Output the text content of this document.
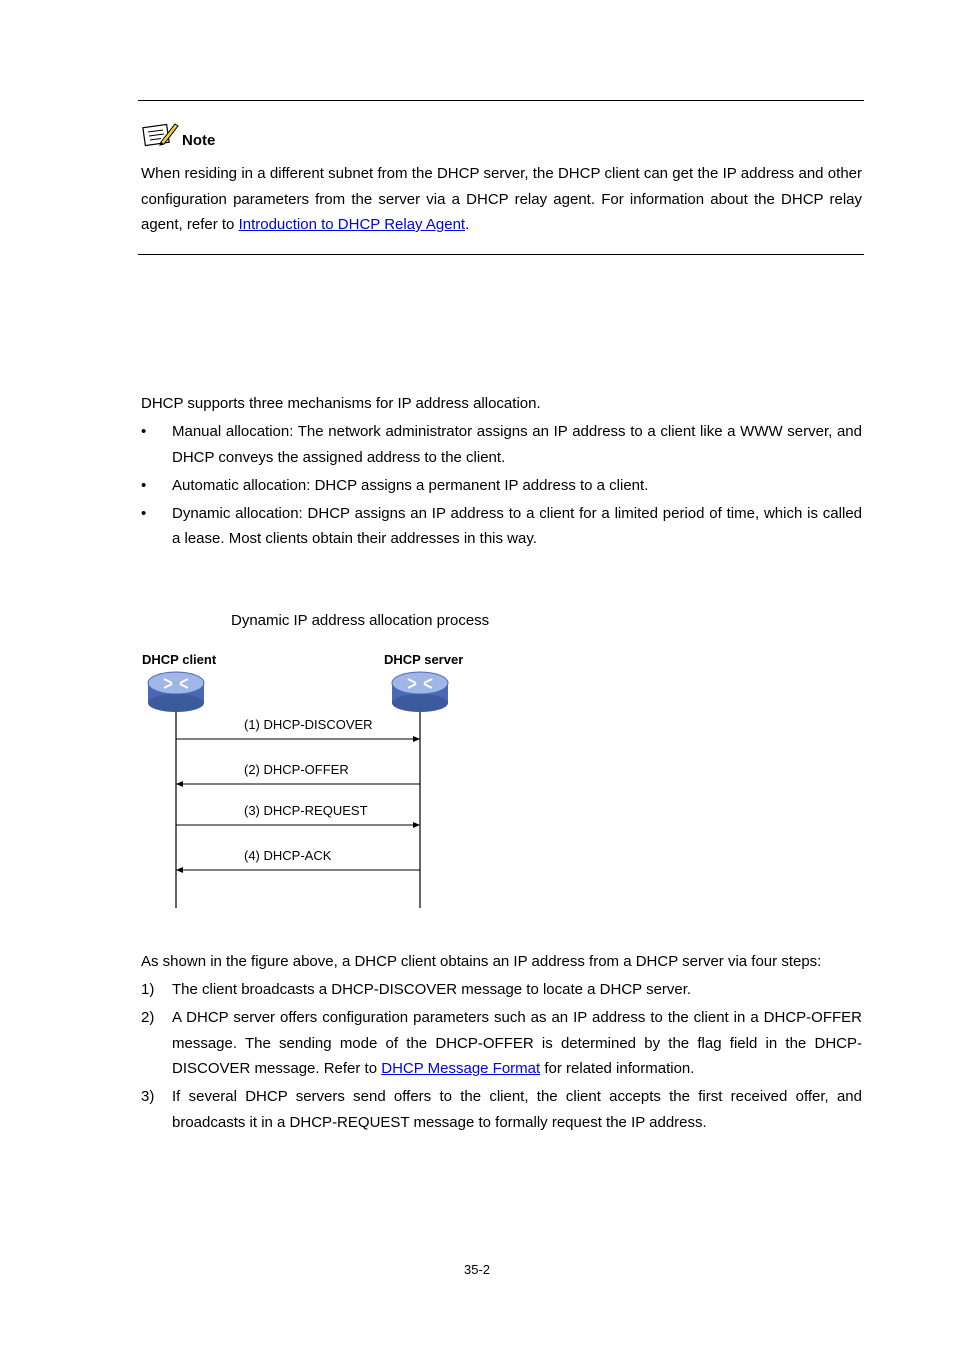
Note

When residing in a different subnet from the DHCP server, the DHCP client can get the IP address and other configuration parameters from the server via a DHCP relay agent. For information about the DHCP relay agent, refer to Introduction to DHCP Relay Agent.

DHCP supports three mechanisms for IP address allocation.

•	Manual allocation: The network administrator assigns an IP address to a client like a WWW server, and DHCP conveys the assigned address to the client.
•	Automatic allocation: DHCP assigns a permanent IP address to a client.
•	Dynamic allocation: DHCP assigns an IP address to a client for a limited period of time, which is called a lease. Most clients obtain their addresses in this way.
Dynamic IP address allocation process
DHCP client	DHCP server
(1) DHCP-DISCOVER
(2) DHCP-OFFER
(3) DHCP-REQUEST
(4) DHCP-ACK

As shown in the figure above, a DHCP client obtains an IP address from a DHCP server via four steps:

1) The client broadcasts a DHCP-DISCOVER message to locate a DHCP server.
2) A DHCP server offers configuration parameters such as an IP address to the client in a DHCP-OFFER message. The sending mode of the DHCP-OFFER is determined by the flag field in the DHCP-DISCOVER message. Refer to DHCP Message Format for related information.
3) If several DHCP servers send offers to the client, the client accepts the first received offer, and broadcasts it in a DHCP-REQUEST message to formally request the IP address.
35-2
